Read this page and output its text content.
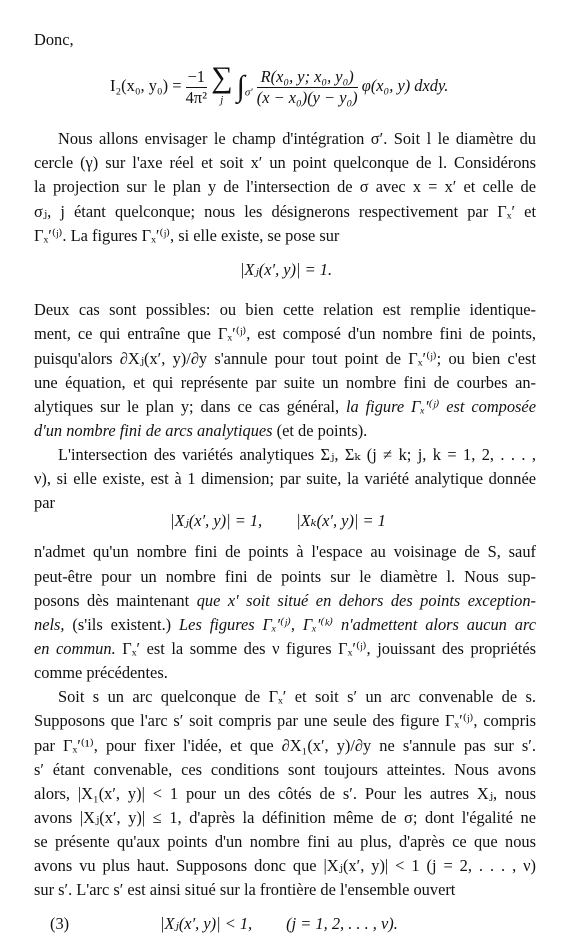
Donc,
I₂(x₀, $y_0) = \frac{-1}{\text{4π²}}$
∑
j $\int_{\sigma'} \frac{\text{R(x₀, y; x₀, y₀)}}{\text{(x − x₀)(y − y₀)}} \varphi(x_0$, y) dxdy.
Nous allons envisager le champ d'intégration σ′. Soit l le diamètre du
cercle (γ) sur l'axe réel et soit x′ un point quelconque de l. Considérons
la projection sur le plan y de l'intersection de σ avec x = x′ et celle de
σⱼ, j étant quelconque; nous les désignerons respectivement par Γₓ′ et
Γₓ′⁽ʲ⁾. La figures Γₓ′⁽ʲ⁾, si elle existe, se pose sur
|Xⱼ(x′, y)| = 1.
Deux cas sont possibles: ou bien cette relation est remplie identique-
ment, ce qui entraîne que Γₓ′⁽ʲ⁾, est composé d'un nombre fini de points,
puisqu'alors ∂Xⱼ(x′, y)/∂y s'annule pour tout point de Γₓ′⁽ʲ⁾; ou bien c'est
une équation, et qui représente par suite un nombre fini de courbes an-
alytiques sur le plan y; dans ce cas général, la figure Γₓ′⁽ʲ⁾ est composée
d'un nombre fini de arcs analytiques (et de points).
L'intersection des variétés analytiques Σⱼ, Σₖ (j ≠ k; j, k = 1, 2, . . . ,
ν), si elle existe, est à 1 dimension; par suite, la variété analytique donnée
par
|Xⱼ(x′, y)| = 1, |Xₖ(x′, y)| = 1
n'admet qu'un nombre fini de points à l'espace au voisinage de S, sauf
peut-être pour un nombre fini de points sur le diamètre l. Nous sup-
posons dès maintenant que x′ soit situé en dehors des points exception-
nels, (s'ils existent.) Les figures Γₓ′⁽ʲ⁾, Γₓ′⁽ᵏ⁾ n'admettent alors aucun arc
en commun. Γₓ′ est la somme des ν figures Γₓ′⁽ʲ⁾, jouissant des propriétés
comme précédentes.
Soit s un arc quelconque de Γₓ′ et soit s′ un arc convenable de s.
Supposons que l'arc s′ soit compris par une seule des figure Γₓ′⁽ʲ⁾, compris
par Γₓ′⁽¹⁾, pour fixer l'idée, et que ∂X₁(x′, y)/∂y ne s'annule pas sur s′.
s′ étant convenable, ces conditions sont toujours atteintes. Nous avons
alors, |X₁(x′, y)| < 1 pour un des côtés de s′. Pour les autres Xⱼ, nous
avons |Xⱼ(x′, y)| ≤ 1, d'après la définition même de σ; dont l'égalité ne
se présente qu'aux points d'un nombre fini au plus, d'après ce que nous
avons vu plus haut. Supposons donc que |Xⱼ(x′, y)| < 1 (j = 2, . . . , ν)
sur s′. L'arc s′ est ainsi situé sur la frontière de l'ensemble ouvert
(3)	|Xⱼ(x′, y)| < 1, (j = 1, 2, . . . , ν).
